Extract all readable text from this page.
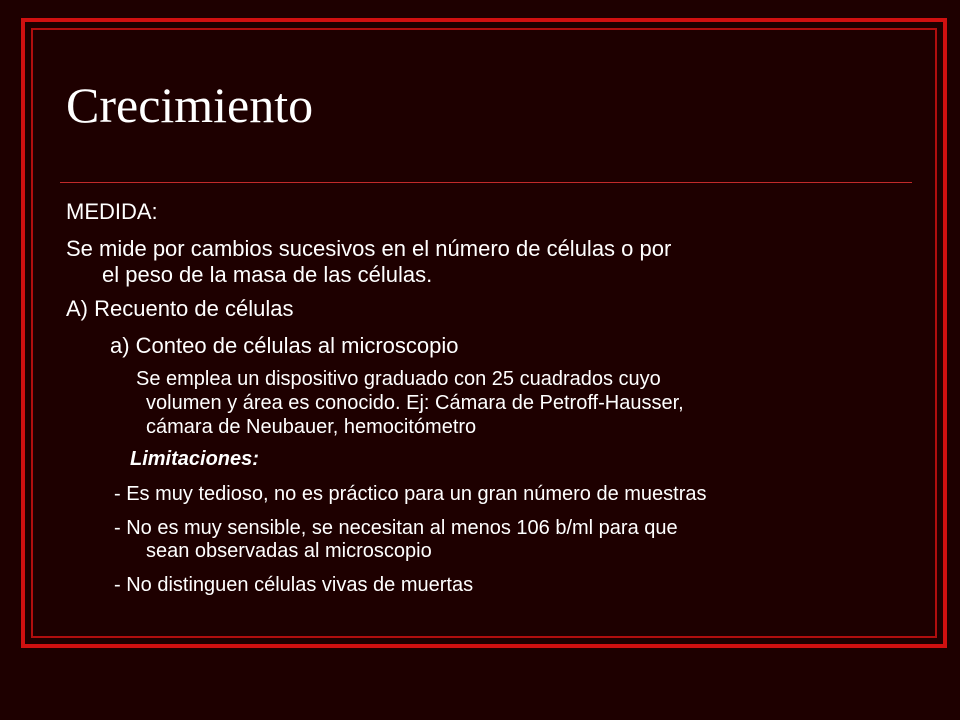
Crecimiento

MEDIDA:

Se mide por cambios sucesivos en el número de células o por

el peso de la masa de las células.

A) Recuento de células

a) Conteo de células al microscopio

Se emplea un dispositivo graduado con 25 cuadrados cuyo

volumen y área es conocido. Ej: Cámara de Petroff-Hausser,

cámara de Neubauer, hemocitómetro

Limitaciones:

- Es muy tedioso, no es práctico para un gran número de muestras

- No es muy sensible, se necesitan al menos 106 b/ml para que

sean observadas al microscopio

- No distinguen células vivas de muertas
